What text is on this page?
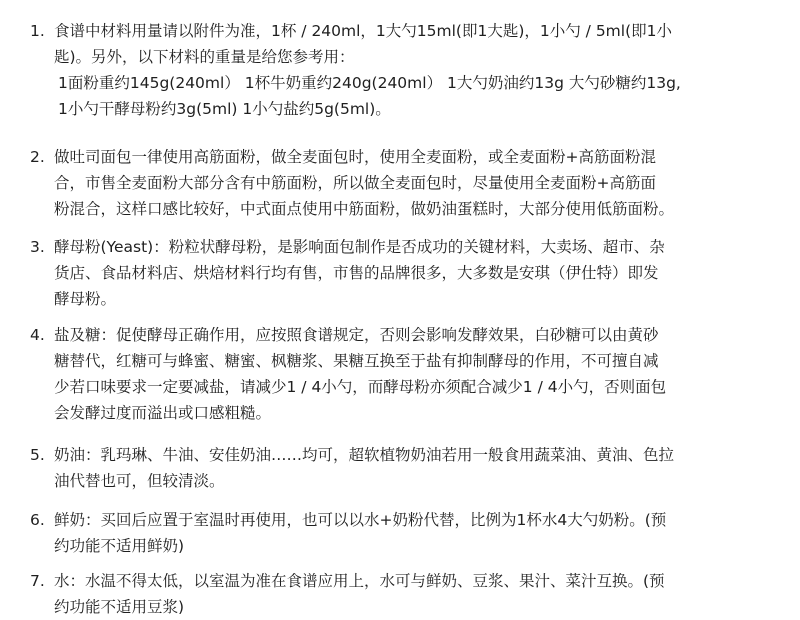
1. 食谱中材料用量请以附件为准，1杯 / 240ml，1大勺15ml(即1大匙)，1小勺 / 5ml(即1小
匙)。另外，以下材料的重量是给您参考用：
1面粉重约145g(240ml） 1杯牛奶重约240g(240ml） 1大勺奶油约13g 大勺砂糖约13g,
1小勺干酵母粉约3g(5ml) 1小勺盐约5g(5ml)。
2. 做吐司面包一律使用高筋面粉，做全麦面包时，使用全麦面粉，或全麦面粉+高筋面粉混
合，市售全麦面粉大部分含有中筋面粉，所以做全麦面包时，尽量使用全麦面粉+高筋面
粉混合，这样口感比较好，中式面点使用中筋面粉，做奶油蛋糕时，大部分使用低筋面粉。
3. 酵母粉(Yeast)：粉粒状酵母粉，是影响面包制作是否成功的关键材料，大卖场、超市、杂
货店、食品材料店、烘焙材料行均有售，市售的品牌很多，大多数是安琪（伊仕特）即发
酵母粉。
4. 盐及糖：促使酵母正确作用，应按照食谱规定，否则会影响发酵效果，白砂糖可以由黄砂
糖替代，红糖可与蜂蜜、糖蜜、枫糖浆、果糖互换至于盐有抑制酵母的作用，不可擅自减
少若口味要求一定要减盐，请减少1 / 4小勺，而酵母粉亦须配合减少1 / 4小勺，否则面包
会发酵过度而溢出或口感粗糙。
5. 奶油：乳玛琳、牛油、安佳奶油……均可，超软植物奶油若用一般食用蔬菜油、黄油、色拉
油代替也可，但较清淡。
6. 鲜奶：买回后应置于室温时再使用，也可以以水+奶粉代替，比例为1杯水4大勺奶粉。(预
约功能不适用鲜奶)
7. 水：水温不得太低，以室温为准在食谱应用上，水可与鲜奶、豆浆、果汁、菜汁互换。(预
约功能不适用豆浆)
